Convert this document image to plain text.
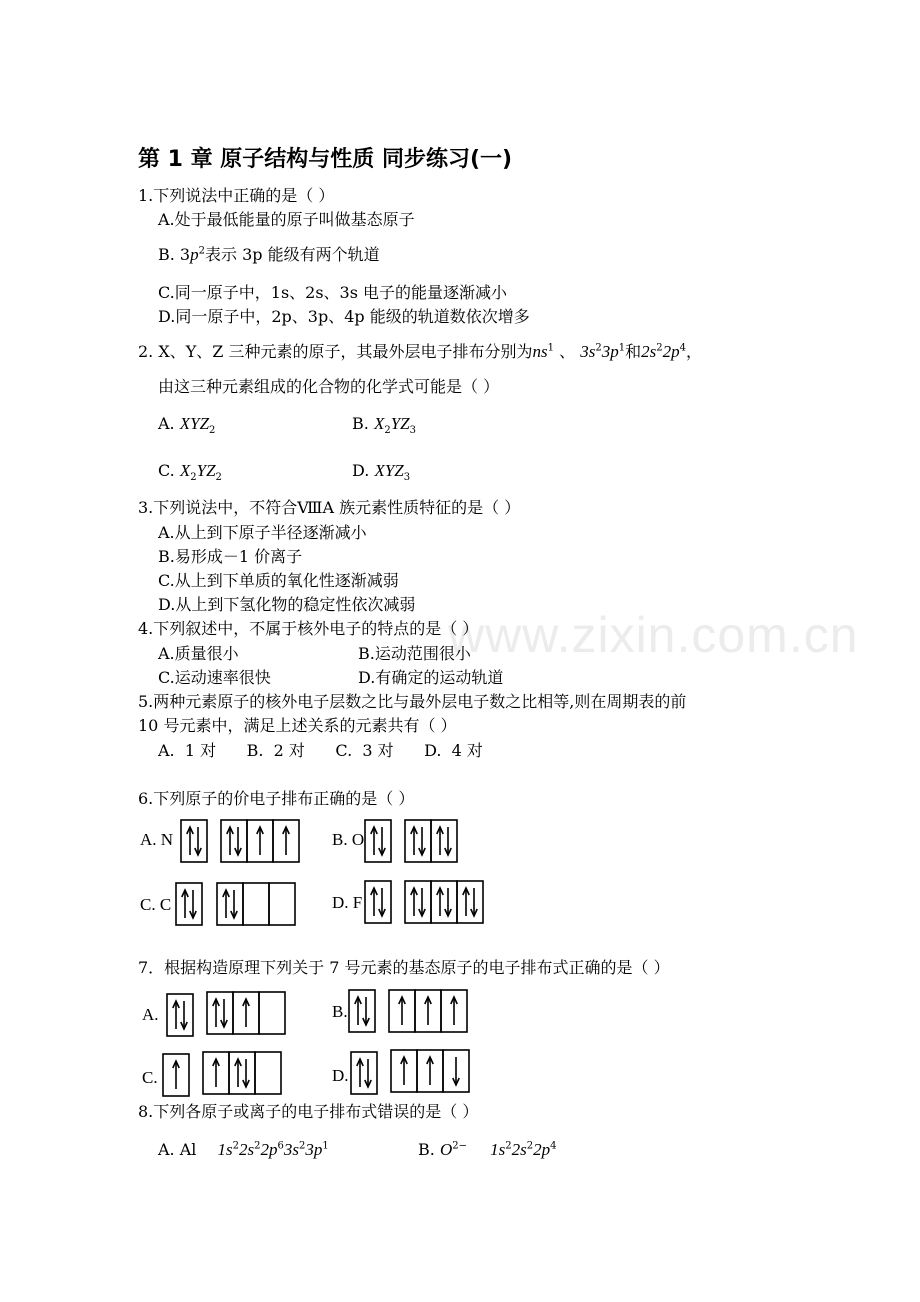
www.zixin.com.cn
第 1 章 原子结构与性质 同步练习(一)
1.下列说法中正确的是（ ）
A.处于最低能量的原子叫做基态原子
B. $3p^2$表示 3p 能级有两个轨道
C.同一原子中，1s、2s、3s 电子的能量逐渐减小
D.同一原子中，2p、3p、4p 能级的轨道数依次增多
2. X、Y、Z 三种元素的原子，其最外层电子排布分别为$ns^1$ 、 $3s^23p^1$和$2s^22p^4$，
由这三种元素组成的化合物的化学式可能是（ ）
A. $XYZ_2$	B. $X_2YZ_3$
C. $X_2YZ_2$	D. $XYZ_3$
3.下列说法中，不符合ⅧA 族元素性质特征的是（ ）
A.从上到下原子半径逐渐减小
B.易形成－1 价离子
C.从上到下单质的氧化性逐渐减弱
D.从上到下氢化物的稳定性依次减弱
4.下列叙述中，不属于核外电子的特点的是（ ）
A.质量很小	B.运动范围很小
C.运动速率很快	D.有确定的运动轨道
5.两种元素原子的核外电子层数之比与最外层电子数之比相等,则在周期表的前
10 号元素中，满足上述关系的元素共有（ ）
A.  1 对      B.  2 对      C.  3 对      D.  4 对
6.下列原子的价电子排布正确的是（ ）
A. N	B. O
C. C	D. F
7．根据构造原理下列关于 7 号元素的基态原子的电子排布式正确的是（ ）
A.	B.
C.	D.
8.下列各原子或离子的电子排布式错误的是（ ）
A. Al $1s^22s^22p^63s^23p^1$	B. $O^{2-}$ $1s^22s^22p^4$
